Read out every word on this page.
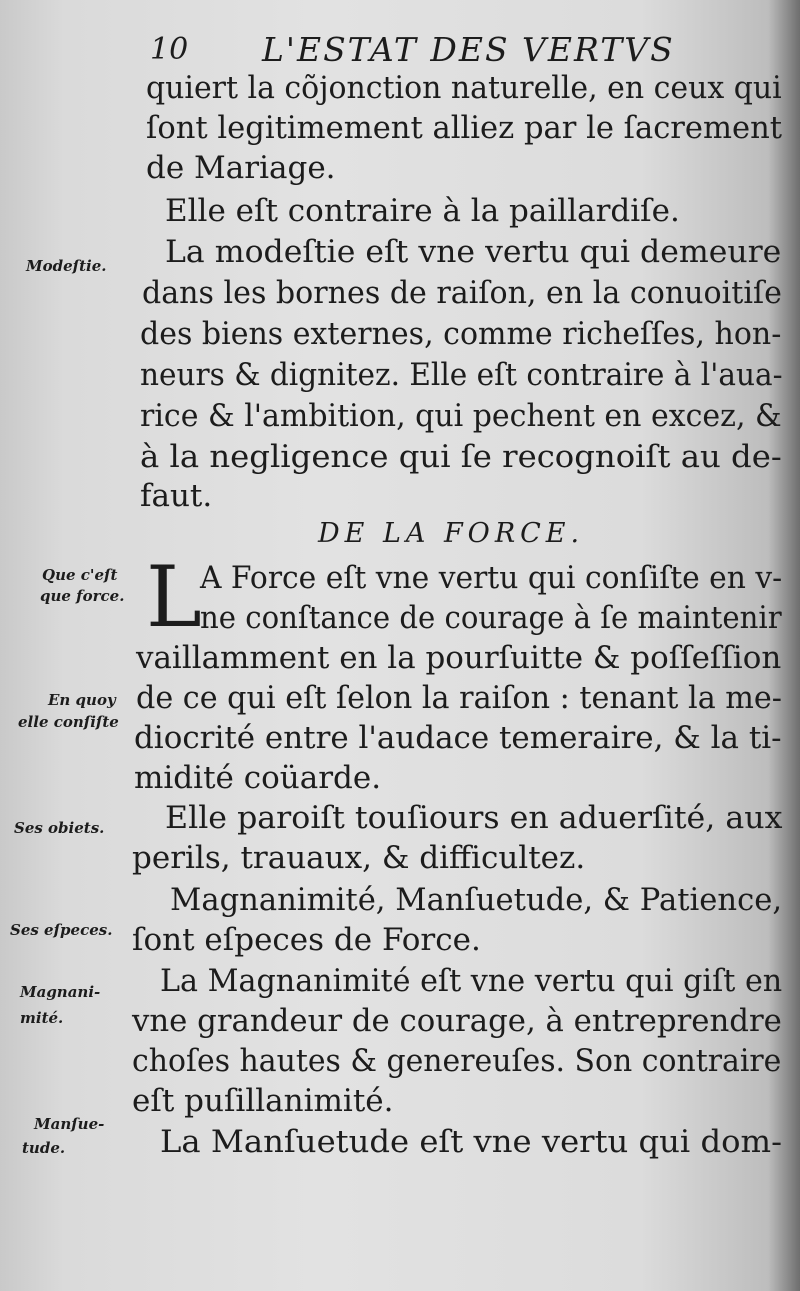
10 L'ESTAT DES VERTVS
Modeſtie.
Que c'eſt
que force.
En quoy
elle conſiſte
Ses obiets.
Ses eſpeces.
Magnani-
mité.
Manſue-
tude.
quiert la cõjonction naturelle, en ceux qui
ſont legitimement alliez par le ſacrement
de Mariage.
Elle eſt contraire à la paillardiſe.
La modeſtie eſt vne vertu qui demeure
dans les bornes de raiſon, en la conuoitiſe
des biens externes, comme richeſſes, hon-
neurs & dignitez. Elle eſt contraire à l'aua-
rice & l'ambition, qui pechent en excez, &
à la negligence qui ſe recognoiſt au de-
faut.
DE LA FORCE.
L
A Force eſt vne vertu qui conſiſte en v-
ne conſtance de courage à ſe maintenir
vaillamment en la pourſuitte & poſſeſſion
de ce qui eſt ſelon la raiſon : tenant la me-
diocrité entre l'audace temeraire, & la ti-
midité coüarde.
Elle paroiſt touſiours en aduerſité, aux
perils, trauaux, & difficultez.
Magnanimité, Manſuetude, & Patience,
ſont eſpeces de Force.
La Magnanimité eſt vne vertu qui giſt en
vne grandeur de courage, à entreprendre
choſes hautes & genereuſes. Son contraire
eſt puſillanimité.
La Manſuetude eſt vne vertu qui dom-
